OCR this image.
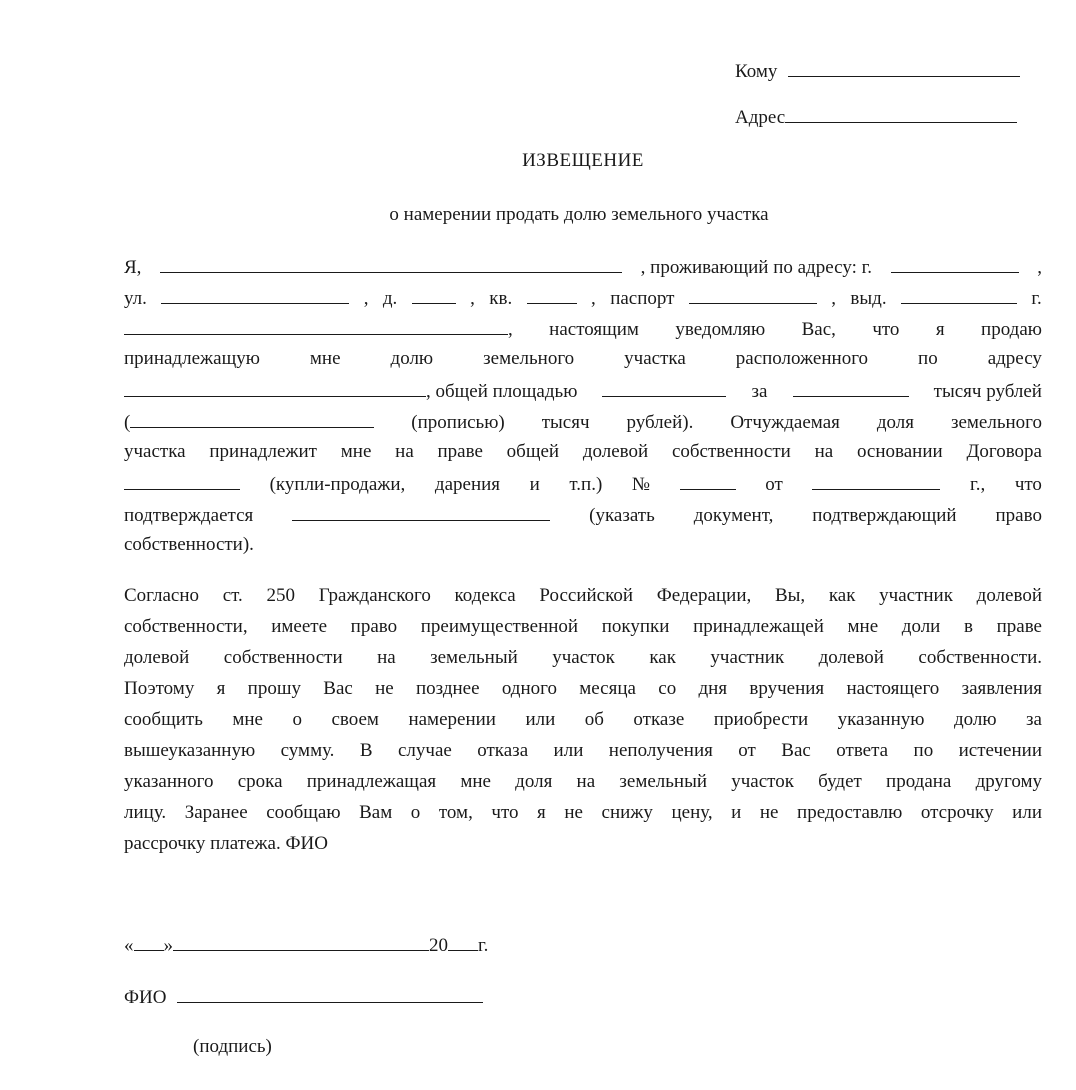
Кому
Адрес
ИЗВЕЩЕНИЕ
о намерении продать долю земельного участка
Я,	, проживающий по адресу: г.	,
ул.	, д.	, кв.	, паспорт	, выд.	г.
, настоящим уведомляю Вас, что я продаю
принадлежащую	мне	долю	земельного	участка	расположенного	по	адресу
, общей площадью	за	тысяч рублей
(	(прописью) тысяч рублей). Отчуждаемая доля земельного
участка принадлежит мне на праве общей долевой собственности на основании Договора
(купли-продажи, дарения и т.п.) №	от	г., что
подтверждается	(указать документ, подтверждающий право
собственности).
Согласно ст. 250 Гражданского кодекса Российской Федерации, Вы, как участник долевой
собственности, имеете право преимущественной покупки принадлежащей мне доли в праве
долевой собственности на земельный участок как участник долевой собственности.
Поэтому я прошу Вас не позднее одного месяца со дня вручения настоящего заявления
сообщить мне о своем намерении или об отказе приобрести указанную долю за
вышеуказанную сумму. В случае отказа или неполучения от Вас ответа по истечении
указанного срока принадлежащая мне доля на земельный участок будет продана другому
лицу. Заранее сообщаю Вам о том, что я не снижу цену, и не предоставлю отсрочку или
рассрочку платежа. ФИО
« »	20 г.
ФИО
(подпись)
